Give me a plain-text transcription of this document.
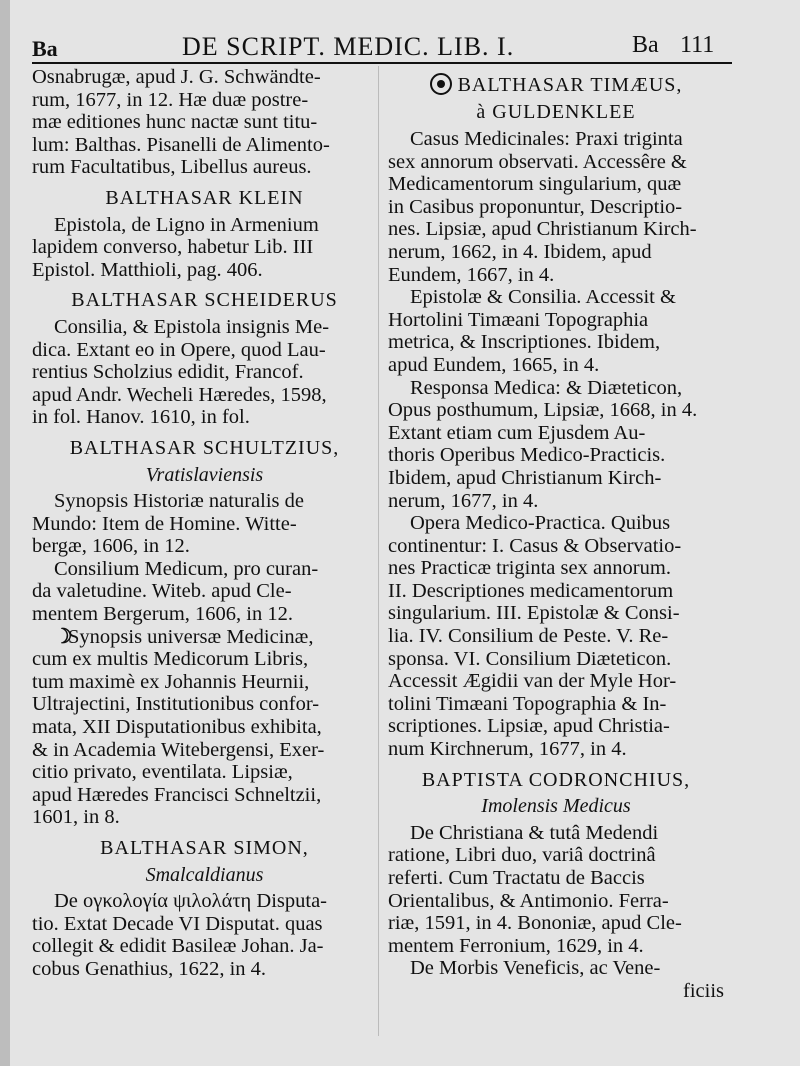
Ba	DE SCRIPT. MEDIC. LIB. I.	Ba 111
Osnabrugæ, apud J. G. Schwändte-
rum, 1677, in 12. Hæ duæ postre-
mæ editiones hunc nactæ sunt titu-
lum: Balthas. Pisanelli de Alimento-
rum Facultatibus, Libellus aureus.
BALTHASAR KLEIN
Epistola, de Ligno in Armenium
lapidem converso, habetur Lib. III
Epistol. Matthioli, pag. 406.
BALTHASAR SCHEIDERUS
Consilia, & Epistola insignis Me-
dica. Extant eo in Opere, quod Lau-
rentius Scholzius edidit, Francof.
apud Andr. Wecheli Hæredes, 1598,
in fol. Hanov. 1610, in fol.
BALTHASAR SCHULTZIUS,
Vratislaviensis
Synopsis Historiæ naturalis de
Mundo: Item de Homine. Witte-
bergæ, 1606, in 12.
Consilium Medicum, pro curan-
da valetudine. Witeb. apud Cle-
mentem Bergerum, 1606, in 12.
☽Synopsis universæ Medicinæ,
cum ex multis Medicorum Libris,
tum maximè ex Johannis Heurnii,
Ultrajectini, Institutionibus confor-
mata, XII Disputationibus exhibita,
& in Academia Witebergensi, Exer-
citio privato, eventilata. Lipsiæ,
apud Hæredes Francisci Schneltzii,
1601, in 8.
BALTHASAR SIMON,
Smalcaldianus
De ογκολογία ψιλολάτη Disputa-
tio. Extat Decade VI Disputat. quas
collegit & edidit Basileæ Johan. Ja-
cobus Genathius, 1622, in 4.
BALTHASAR TIMÆUS,
à GULDENKLEE
Casus Medicinales: Praxi triginta
sex annorum observati. Accessêre &
Medicamentorum singularium, quæ
in Casibus proponuntur, Descriptio-
nes. Lipsiæ, apud Christianum Kirch-
nerum, 1662, in 4. Ibidem, apud
Eundem, 1667, in 4.
Epistolæ & Consilia. Accessit &
Hortolini Timæani Topographia
metrica, & Inscriptiones. Ibidem,
apud Eundem, 1665, in 4.
Responsa Medica: & Diæteticon,
Opus posthumum, Lipsiæ, 1668, in 4.
Extant etiam cum Ejusdem Au-
thoris Operibus Medico-Practicis.
Ibidem, apud Christianum Kirch-
nerum, 1677, in 4.
Opera Medico-Practica. Quibus
continentur: I. Casus & Observatio-
nes Practicæ triginta sex annorum.
II. Descriptiones medicamentorum
singularium. III. Epistolæ & Consi-
lia. IV. Consilium de Peste. V. Re-
sponsa. VI. Consilium Diæteticon.
Accessit Ægidii van der Myle Hor-
tolini Timæani Topographia & In-
scriptiones. Lipsiæ, apud Christia-
num Kirchnerum, 1677, in 4.
BAPTISTA CODRONCHIUS,
Imolensis Medicus
De Christiana & tutâ Medendi
ratione, Libri duo, variâ doctrinâ
referti. Cum Tractatu de Baccis
Orientalibus, & Antimonio. Ferra-
riæ, 1591, in 4. Bononiæ, apud Cle-
mentem Ferronium, 1629, in 4.
De Morbis Veneficis, ac Vene-
ficiis
